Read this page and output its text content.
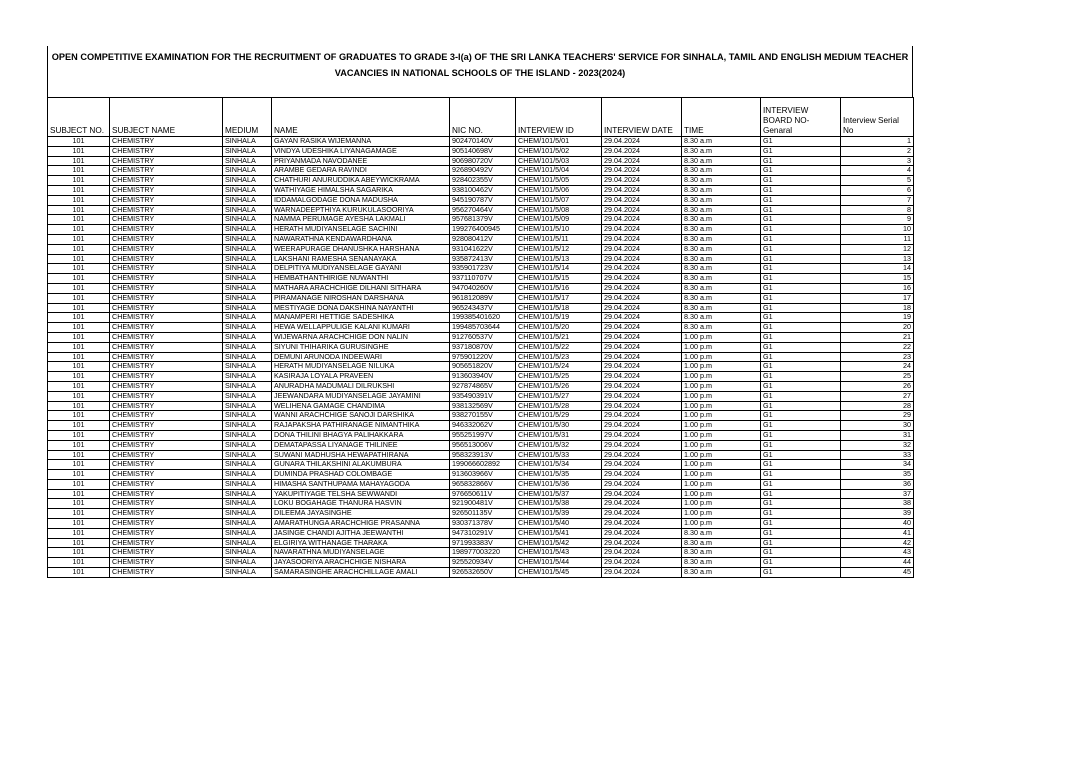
OPEN COMPETITIVE EXAMINATION FOR THE RECRUITMENT OF GRADUATES TO GRADE 3-I(a) OF THE SRI LANKA TEACHERS' SERVICE FOR SINHALA, TAMIL AND ENGLISH MEDIUM TEACHER
VACANCIES IN NATIONAL SCHOOLS OF THE ISLAND - 2023(2024)
SUBJECT NO.	SUBJECT NAME	MEDIUM	NAME	NIC NO.	INTERVIEW ID	INTERVIEW DATE	TIME	INTERVIEW BOARD NO- Genaral	Interview Serial No
101	CHEMISTRY	SINHALA	GAYAN RASIKA WIJEMANNA	902470140V	CHEM/101/5/01	29.04.2024	8.30 a.m	G1	1
101	CHEMISTRY	SINHALA	VINDYA UDESHIKA LIYANAGAMAGE	905140698V	CHEM/101/5/02	29.04.2024	8.30 a.m	G1	2
101	CHEMISTRY	SINHALA	PRIYANMADA NAVODANEE	906980720V	CHEM/101/5/03	29.04.2024	8.30 a.m	G1	3
101	CHEMISTRY	SINHALA	ARAMBE GEDARA RAVINDI	926890492V	CHEM/101/5/04	29.04.2024	8.30 a.m	G1	4
101	CHEMISTRY	SINHALA	CHATHURI ANURUDDIKA ABEYWICKRAMA	928402355V	CHEM/101/5/05	29.04.2024	8.30 a.m	G1	5
101	CHEMISTRY	SINHALA	WATHIYAGE HIMALSHA SAGARIKA	938100462V	CHEM/101/5/06	29.04.2024	8.30 a.m	G1	6
101	CHEMISTRY	SINHALA	IDDAMALGODAGE DONA MADUSHA	945190787V	CHEM/101/5/07	29.04.2024	8.30 a.m	G1	7
101	CHEMISTRY	SINHALA	WARNADEEPTHIYA KURUKULASOORIYA	956270464V	CHEM/101/5/08	29.04.2024	8.30 a.m	G1	8
101	CHEMISTRY	SINHALA	NAMMA PERUMAGE AYESHA LAKMALI	957681379V	CHEM/101/5/09	29.04.2024	8.30 a.m	G1	9
101	CHEMISTRY	SINHALA	HERATH MUDIYANSELAGE SACHINI	199276400945	CHEM/101/5/10	29.04.2024	8.30 a.m	G1	10
101	CHEMISTRY	SINHALA	NAWARATHNA KENDAWARDHANA	928080412V	CHEM/101/5/11	29.04.2024	8.30 a.m	G1	11
101	CHEMISTRY	SINHALA	WEERAPURAGE DHANUSHKA HARSHANA	931041622V	CHEM/101/5/12	29.04.2024	8.30 a.m	G1	12
101	CHEMISTRY	SINHALA	LAKSHANI RAMESHA SENANAYAKA	935872413V	CHEM/101/5/13	29.04.2024	8.30 a.m	G1	13
101	CHEMISTRY	SINHALA	DELPITIYA MUDIYANSELAGE GAYANI	935901723V	CHEM/101/5/14	29.04.2024	8.30 a.m	G1	14
101	CHEMISTRY	SINHALA	HEMBATHANTHIRIGE NUWANTHI	937110707V	CHEM/101/5/15	29.04.2024	8.30 a.m	G1	15
101	CHEMISTRY	SINHALA	MATHARA ARACHCHIGE DILHANI SITHARA	947040260V	CHEM/101/5/16	29.04.2024	8.30 a.m	G1	16
101	CHEMISTRY	SINHALA	PIRAMANAGE NIROSHAN DARSHANA	961812089V	CHEM/101/5/17	29.04.2024	8.30 a.m	G1	17
101	CHEMISTRY	SINHALA	MESTIYAGE DONA DAKSHINA NAYANTHI	965243437V	CHEM/101/5/18	29.04.2024	8.30 a.m	G1	18
101	CHEMISTRY	SINHALA	MANAMPERI HETTIGE SADESHIKA	199385401620	CHEM/101/5/19	29.04.2024	8.30 a.m	G1	19
101	CHEMISTRY	SINHALA	HEWA WELLAPPULIGE KALANI KUMARI	199485703644	CHEM/101/5/20	29.04.2024	8.30 a.m	G1	20
101	CHEMISTRY	SINHALA	WIJEWARNA ARACHCHIGE DON NALIN	912760537V	CHEM/101/5/21	29.04.2024	1.00 p.m	G1	21
101	CHEMISTRY	SINHALA	SIYUNI THIHARIKA GURUSINGHE	937180870V	CHEM/101/5/22	29.04.2024	1.00 p.m	G1	22
101	CHEMISTRY	SINHALA	DEMUNI ARUNODA INDEEWARI	975901220V	CHEM/101/5/23	29.04.2024	1.00 p.m	G1	23
101	CHEMISTRY	SINHALA	HERATH MUDIYANSELAGE NILUKA	905651820V	CHEM/101/5/24	29.04.2024	1.00 p.m	G1	24
101	CHEMISTRY	SINHALA	KASIRAJA LOYALA PRAVEEN	913603940V	CHEM/101/5/25	29.04.2024	1.00 p.m	G1	25
101	CHEMISTRY	SINHALA	ANURADHA MADUMALI DILRUKSHI	927874865V	CHEM/101/5/26	29.04.2024	1.00 p.m	G1	26
101	CHEMISTRY	SINHALA	JEEWANDARA MUDIYANSELAGE JAYAMINI	935490391V	CHEM/101/5/27	29.04.2024	1.00 p.m	G1	27
101	CHEMISTRY	SINHALA	WELIHENA GAMAGE CHANDIMA	938132569V	CHEM/101/5/28	29.04.2024	1.00 p.m	G1	28
101	CHEMISTRY	SINHALA	WANNI ARACHCHIGE SANOJI DARSHIKA	938270155V	CHEM/101/5/29	29.04.2024	1.00 p.m	G1	29
101	CHEMISTRY	SINHALA	RAJAPAKSHA PATHIRANAGE NIMANTHIKA	946332062V	CHEM/101/5/30	29.04.2024	1.00 p.m	G1	30
101	CHEMISTRY	SINHALA	DONA THILINI BHAGYA PALIHAKKARA	955251997V	CHEM/101/5/31	29.04.2024	1.00 p.m	G1	31
101	CHEMISTRY	SINHALA	DEMATAPASSA LIYANAGE THILINEE	956513006V	CHEM/101/5/32	29.04.2024	1.00 p.m	G1	32
101	CHEMISTRY	SINHALA	SUWANI MADHUSHA HEWAPATHIRANA	958323913V	CHEM/101/5/33	29.04.2024	1.00 p.m	G1	33
101	CHEMISTRY	SINHALA	GUNARA THILAKSHINI ALAKUMBURA	199066602892	CHEM/101/5/34	29.04.2024	1.00 p.m	G1	34
101	CHEMISTRY	SINHALA	DUMINDA PRASHAD COLOMBAGE	913603966V	CHEM/101/5/35	29.04.2024	1.00 p.m	G1	35
101	CHEMISTRY	SINHALA	HIMASHA SANTHUPAMA MAHAYAGODA	965832866V	CHEM/101/5/36	29.04.2024	1.00 p.m	G1	36
101	CHEMISTRY	SINHALA	YAKUPITIYAGE TELSHA SEWWANDI	976650611V	CHEM/101/5/37	29.04.2024	1.00 p.m	G1	37
101	CHEMISTRY	SINHALA	LOKU BOGAHAGE THANURA HASVIN	921900481V	CHEM/101/5/38	29.04.2024	1.00 p.m	G1	38
101	CHEMISTRY	SINHALA	DILEEMA JAYASINGHE	926501135V	CHEM/101/5/39	29.04.2024	1.00 p.m	G1	39
101	CHEMISTRY	SINHALA	AMARATHUNGA ARACHCHIGE PRASANNA	930371378V	CHEM/101/5/40	29.04.2024	1.00 p.m	G1	40
101	CHEMISTRY	SINHALA	JASINGE CHANDI AJITHA JEEWANTHI	947310291V	CHEM/101/5/41	29.04.2024	8.30 a.m	G1	41
101	CHEMISTRY	SINHALA	ELGIRIYA WITHANAGE THARAKA	971993383V	CHEM/101/5/42	29.04.2024	8.30 a.m	G1	42
101	CHEMISTRY	SINHALA	NAVARATHNA MUDIYANSELAGE	198977003220	CHEM/101/5/43	29.04.2024	8.30 a.m	G1	43
101	CHEMISTRY	SINHALA	JAYASOORIYA ARACHCHIGE NISHARA	925520934V	CHEM/101/5/44	29.04.2024	8.30 a.m	G1	44
101	CHEMISTRY	SINHALA	SAMARASINGHE ARACHCHILLAGE AMALI	926532650V	CHEM/101/5/45	29.04.2024	8.30 a.m	G1	45
